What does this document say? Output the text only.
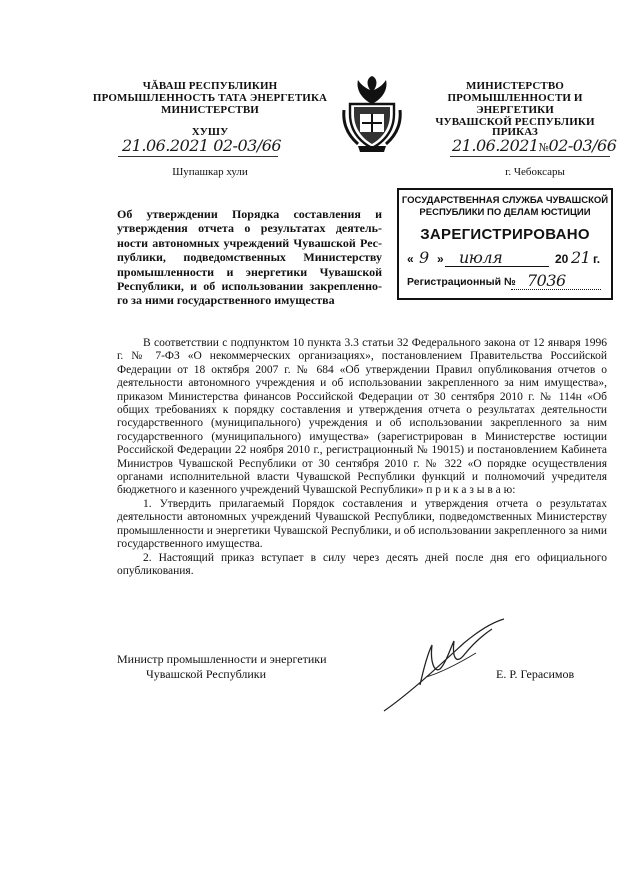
ЧĂВАШ РЕСПУБЛИКИН
ПРОМЫШЛЕННОСТЬ ТАТА ЭНЕРГЕТИКА
МИНИСТЕРСТВИ
ХУШУ
21.06.2021 02-03/66
Шупашкар хули
МИНИСТЕРСТВО
ПРОМЫШЛЕННОСТИ И ЭНЕРГЕТИКИ
ЧУВАШСКОЙ РЕСПУБЛИКИ
ПРИКАЗ
21.06.2021№02-03/66
г. Чебоксары
Об утверждении Порядка составления и
утверждения отчета о результатах деятель-
ности автономных учреждений Чувашской Рес-
публики, подведомственных Министерству
промышленности и энергетики Чувашской
Республики, и об использовании закрепленно-
го за ними государственного имущества
ГОСУДАРСТВЕННАЯ СЛУЖБА ЧУВАШСКОЙ
РЕСПУБЛИКИ ПО ДЕЛАМ ЮСТИЦИИ
ЗАРЕГИСТРИРОВАНО
« 9 » июля	20 21 г.
Регистрационный № 7036

В соответствии с подпунктом 10 пункта 3.3 статьи 32 Федерального закона от 12 января 1996 г. № 7-ФЗ «О некоммерческих организациях», постановлением Правительства Российской Федерации от 18 октября 2007 г. № 684 «Об утверждении Правил опубликования отчетов о деятельности автономного учреждения и об использовании закрепленного за ним имущества», приказом Министерства финансов Российской Федерации от 30 сентября 2010 г. № 114н «Об общих требованиях к порядку составления и утверждения отчета о результатах деятельности государственного (муниципального) учреждения и об использовании закрепленного за ним государственного (муниципального) имущества» (зарегистрирован в Министерстве юстиции Российской Федерации 22 ноября 2010 г., регистрационный № 19015) и постановлением Кабинета Министров Чувашской Республики от 30 сентября 2010 г. № 322 «О порядке осуществления органами исполнительной власти Чувашской Республики функций и полномочий учредителя бюджетного и казенного учреждений Чувашской Республики» п р и к а з ы в а ю:

1. Утвердить прилагаемый Порядок составления и утверждения отчета о результатах деятельности автономных учреждений Чувашской Республики, подведомственных Министерству промышленности и энергетики Чувашской Республики, и об использовании закрепленного за ними государственного имущества.

2. Настоящий приказ вступает в силу через десять дней после дня его официального опубликования.

Министр промышленности и энергетики
Чувашской Республики	Е. Р. Герасимов
